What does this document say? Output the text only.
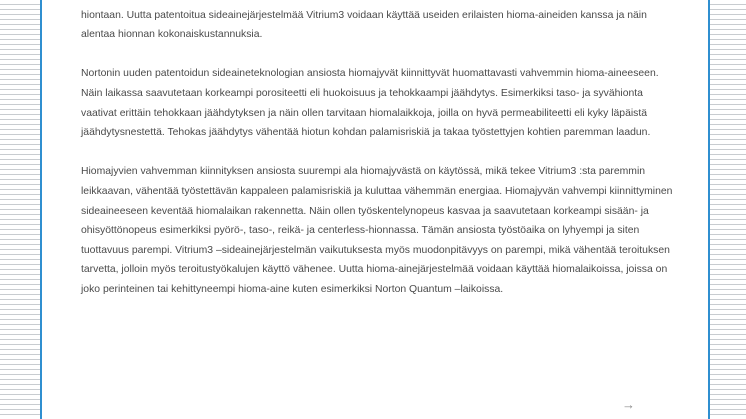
hiontaan. Uutta patentoitua sideainejärjestelmää Vitrium3 voidaan käyttää useiden erilaisten hioma-aineiden kanssa ja näin alentaa hionnan kokonaiskustannuksia.

Nortonin uuden patentoidun sideaineteknologian ansiosta hiomajyvät kiinnittyvät huomattavasti vahvemmin hioma-aineeseen. Näin laikassa saavutetaan korkeampi porositeetti eli huokoisuus ja tehokkaampi jäähdytys. Esimerkiksi taso- ja syvähionta vaativat erittäin tehokkaan jäähdytyksen ja näin ollen tarvitaan hiomalaikkoja, joilla on hyvä permeabiliteetti eli kyky läpäistä jäähdytysnestettä. Tehokas jäähdytys vähentää hiotun kohdan palamisriskiä ja takaa työstettyjen kohtien paremman laadun.

Hiomajyvien vahvemman kiinnityksen ansiosta suurempi ala hiomajyvästä on käytössä, mikä tekee Vitrium3 :sta paremmin leikkaavan, vähentää työstettävän kappaleen palamisriskiä ja kuluttaa vähemmän energiaa. Hiomajyvän vahvempi kiinnittyminen sideaineeseen keventää hiomalaikan rakennetta. Näin ollen työskentelynopeus kasvaa ja saavutetaan korkeampi sisään- ja ohisyöttönopeus esimerkiksi pyörö-, taso-, reikä- ja centerless-hionnassa. Tämän ansiosta työstöaika on lyhyempi ja siten tuottavuus parempi. Vitrium3 –sideainejärjestelmän vaikutuksesta myös muodonpitävyys on parempi, mikä vähentää teroituksen tarvetta, jolloin myös teroitustyökalujen käyttö vähenee. Uutta hioma-ainejärjestelmää voidaan käyttää hiomalaikoissa, joissa on joko perinteinen tai kehittyneempi hioma-aine kuten esimerkiksi Norton Quantum –laikoissa.

→
